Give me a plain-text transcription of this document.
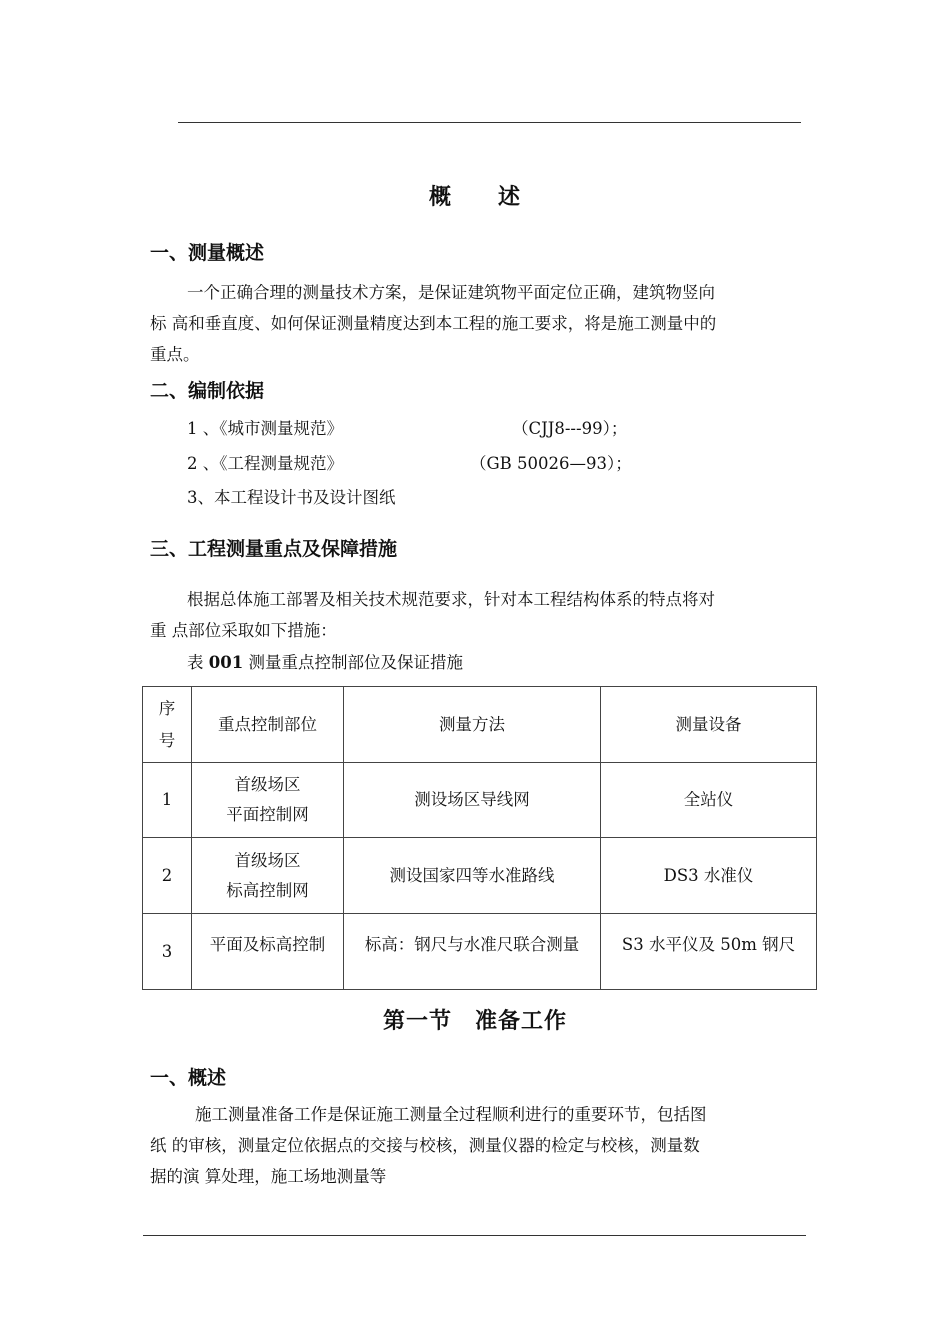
概　　述
一、测量概述
一个正确合理的测量技术方案，是保证建筑物平面定位正确，建筑物竖向
标 高和垂直度、如何保证测量精度达到本工程的施工要求，将是施工测量中的
重点。
二、编制依据
1 、《城市测量规范》	（CJJ8---99）；
2 、《工程测量规范》	（GB 50026—93）；
3、本工程设计书及设计图纸
三、工程测量重点及保障措施
根据总体施工部署及相关技术规范要求，针对本工程结构体系的特点将对
重 点部位采取如下措施：
表 001 测量重点控制部位及保证措施
序
号	重点控制部位	测量方法	测量设备
1	首级场区
平面控制网	测设场区导线网	全站仪
2	首级场区
标高控制网	测设国家四等水准路线	DS3 水准仪
3	平面及标高控制	标高：钢尺与水准尺联合测量	S3 水平仪及 50m 钢尺
第一节　准备工作
一、概述
施工测量准备工作是保证施工测量全过程顺利进行的重要环节，包括图
纸 的审核，测量定位依据点的交接与校核，测量仪器的检定与校核，测量数
据的演 算处理，施工场地测量等
